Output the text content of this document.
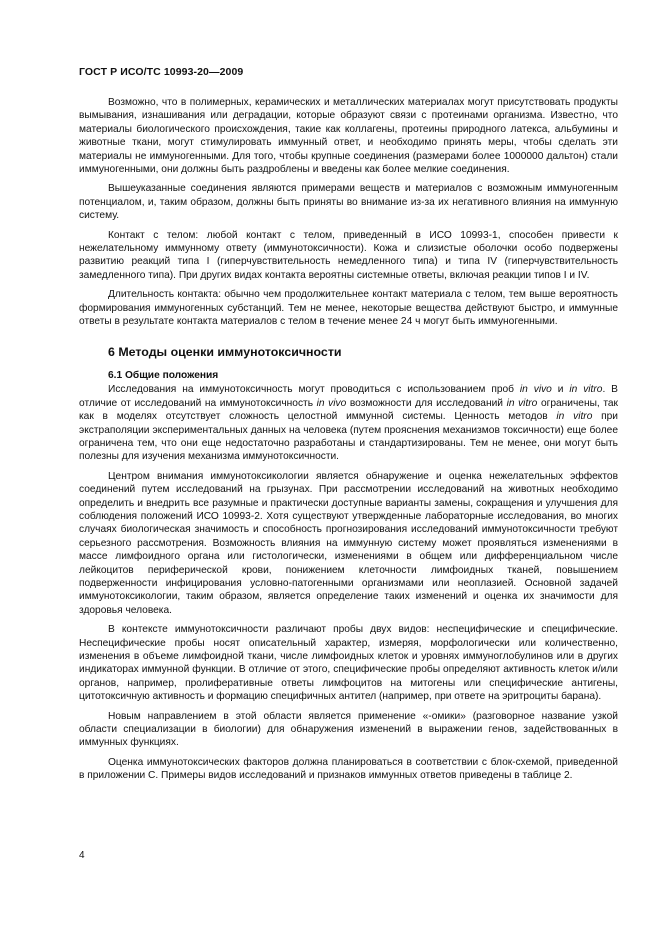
ГОСТ Р ИСО/ТС 10993-20—2009

Возможно, что в полимерных, керамических и металлических материалах могут присутствовать продукты вымывания, изнашивания или деградации, которые образуют связи с протеинами организма. Известно, что материалы биологического происхождения, такие как коллагены, протеины природного латекса, альбумины и животные ткани, могут стимулировать иммунный ответ, и необходимо принять меры, чтобы сделать эти материалы не иммуногенными. Для того, чтобы крупные соединения (размерами более 1000000 дальтон) стали иммуногенными, они должны быть раздроблены и введены как более мелкие соединения.

Вышеуказанные соединения являются примерами веществ и материалов с возможным иммуногенным потенциалом, и, таким образом, должны быть приняты во внимание из-за их негативного влияния на иммунную систему.

Контакт с телом: любой контакт с телом, приведенный в ИСО 10993-1, способен привести к нежелательному иммунному ответу (иммунотоксичности). Кожа и слизистые оболочки особо подвержены развитию реакций типа I (гиперчувствительность немедленного типа) и типа IV (гиперчувствительность замедленного типа). При других видах контакта вероятны системные ответы, включая реакции типов I и IV.

Длительность контакта: обычно чем продолжительнее контакт материала с телом, тем выше вероятность формирования иммуногенных субстанций. Тем не менее, некоторые вещества действуют быстро, и иммунные ответы в результате контакта материалов с телом в течение менее 24 ч могут быть иммуногенными.

6 Методы оценки иммунотоксичности
6.1 Общие положения

Исследования на иммунотоксичность могут проводиться с использованием проб in vivo и in vitro. В отличие от исследований на иммунотоксичность in vivo возможности для исследований in vitro ограничены, так как в моделях отсутствует сложность целостной иммунной системы. Ценность методов in vitro при экстраполяции экспериментальных данных на человека (путем прояснения механизмов токсичности) еще более ограничена тем, что они еще недостаточно разработаны и стандартизированы. Тем не менее, они могут быть полезны для изучения механизма иммунотоксичности.

Центром внимания иммунотоксикологии является обнаружение и оценка нежелательных эффектов соединений путем исследований на грызунах. При рассмотрении исследований на животных необходимо определить и внедрить все разумные и практически доступные варианты замены, сокращения и улучшения для соблюдения положений ИСО 10993-2. Хотя существуют утвержденные лабораторные исследования, во многих случаях биологическая значимость и способность прогнозирования исследований иммунотоксичности требуют серьезного рассмотрения. Возможность влияния на иммунную систему может проявляться изменениями в массе лимфоидного органа или гистологически, изменениями в общем или дифференциальном числе лейкоцитов периферической крови, понижением клеточности лимфоидных тканей, повышением подверженности инфицирования условно-патогенными организмами или неоплазией. Основной задачей иммунотоксикологии, таким образом, является определение таких изменений и оценка их значимости для здоровья человека.

В контексте иммунотоксичности различают пробы двух видов: неспецифические и специфические. Неспецифические пробы носят описательный характер, измеряя, морфологически или количественно, изменения в объеме лимфоидной ткани, числе лимфоидных клеток и уровнях иммуноглобулинов или в других индикаторах иммунной функции. В отличие от этого, специфические пробы определяют активность клеток и/или органов, например, пролиферативные ответы лимфоцитов на митогены или специфические антигены, цитотоксичную активность и формацию специфичных антител (например, при ответе на эритроциты барана).

Новым направлением в этой области является применение «-омики» (разговорное название узкой области специализации в биологии) для обнаружения изменений в выражении генов, задействованных в иммунных функциях.

Оценка иммунотоксических факторов должна планироваться в соответствии с блок-схемой, приведенной в приложении С. Примеры видов исследований и признаков иммунных ответов приведены в таблице 2.

4
